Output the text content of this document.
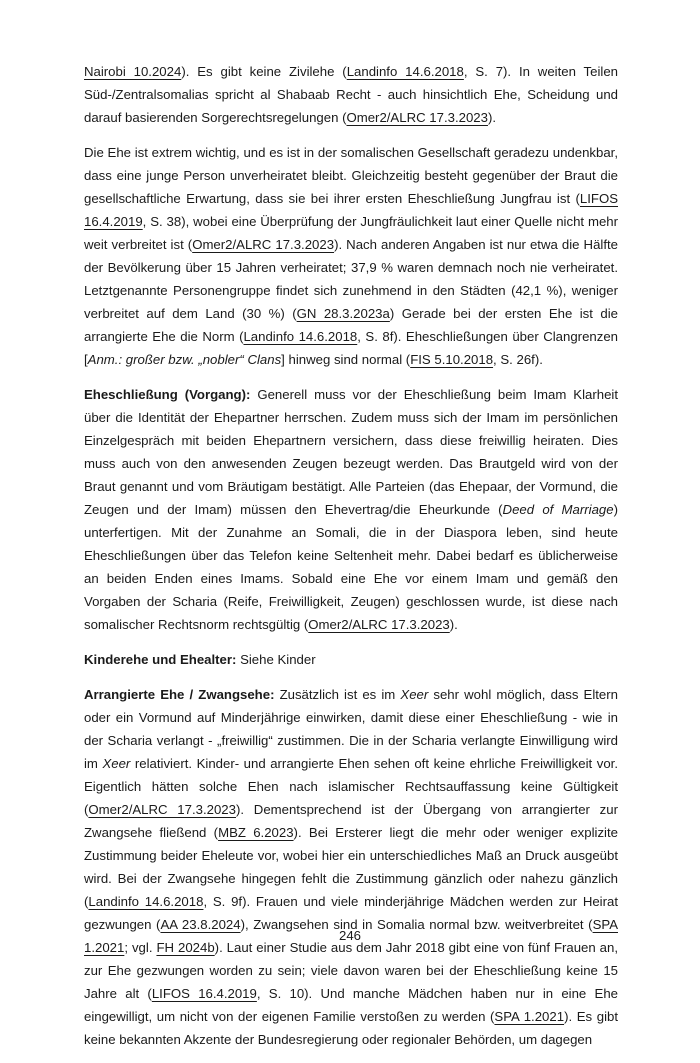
Nairobi 10.2024). Es gibt keine Zivilehe (Landinfo 14.6.2018, S. 7). In weiten Teilen Süd-/Zentralsomalias spricht al Shabaab Recht - auch hinsichtlich Ehe, Scheidung und darauf basierenden Sorgerechtsregelungen (Omer2/ALRC 17.3.2023).

Die Ehe ist extrem wichtig, und es ist in der somalischen Gesellschaft geradezu undenkbar, dass eine junge Person unverheiratet bleibt. Gleichzeitig besteht gegenüber der Braut die gesellschaftliche Erwartung, dass sie bei ihrer ersten Eheschließung Jungfrau ist (LIFOS 16.4.2019, S. 38), wobei eine Überprüfung der Jungfräulichkeit laut einer Quelle nicht mehr weit verbreitet ist (Omer2/ALRC 17.3.2023). Nach anderen Angaben ist nur etwa die Hälfte der Bevölkerung über 15 Jahren verheiratet; 37,9 % waren demnach noch nie verheiratet. Letztgenannte Personengruppe findet sich zunehmend in den Städten (42,1 %), weniger verbreitet auf dem Land (30 %) (GN 28.3.2023a) Gerade bei der ersten Ehe ist die arrangierte Ehe die Norm (Landinfo 14.6.2018, S. 8f). Eheschließungen über Clangrenzen [Anm.: großer bzw. „nobler“ Clans] hinweg sind normal (FIS 5.10.2018, S. 26f).

Eheschließung (Vorgang): Generell muss vor der Eheschließung beim Imam Klarheit über die Identität der Ehepartner herrschen. Zudem muss sich der Imam im persönlichen Einzelgespräch mit beiden Ehepartnern versichern, dass diese freiwillig heiraten. Dies muss auch von den anwesenden Zeugen bezeugt werden. Das Brautgeld wird von der Braut genannt und vom Bräutigam bestätigt. Alle Parteien (das Ehepaar, der Vormund, die Zeugen und der Imam) müssen den Ehevertrag/die Eheurkunde (Deed of Marriage) unterfertigen. Mit der Zunahme an Somali, die in der Diaspora leben, sind heute Eheschließungen über das Telefon keine Seltenheit mehr. Dabei bedarf es üblicherweise an beiden Enden eines Imams. Sobald eine Ehe vor einem Imam und gemäß den Vorgaben der Scharia (Reife, Freiwilligkeit, Zeugen) geschlossen wurde, ist diese nach somalischer Rechtsnorm rechtsgültig (Omer2/ALRC 17.3.2023).

Kinderehe und Ehealter: Siehe Kinder

Arrangierte Ehe / Zwangsehe: Zusätzlich ist es im Xeer sehr wohl möglich, dass Eltern oder ein Vormund auf Minderjährige einwirken, damit diese einer Eheschließung - wie in der Scharia verlangt - „freiwillig“ zustimmen. Die in der Scharia verlangte Einwilligung wird im Xeer relativiert. Kinder- und arrangierte Ehen sehen oft keine ehrliche Freiwilligkeit vor. Eigentlich hätten solche Ehen nach islamischer Rechtsauffassung keine Gültigkeit (Omer2/ALRC 17.3.2023). Dementsprechend ist der Übergang von arrangierter zur Zwangsehe fließend (MBZ 6.2023). Bei Ersterer liegt die mehr oder weniger explizite Zustimmung beider Eheleute vor, wobei hier ein unterschiedliches Maß an Druck ausgeübt wird. Bei der Zwangsehe hingegen fehlt die Zustimmung gänzlich oder nahezu gänzlich (Landinfo 14.6.2018, S. 9f). Frauen und viele minderjährige Mädchen werden zur Heirat gezwungen (AA 23.8.2024), Zwangsehen sind in Somalia normal bzw. weitverbreitet (SPA 1.2021; vgl. FH 2024b). Laut einer Studie aus dem Jahr 2018 gibt eine von fünf Frauen an, zur Ehe gezwungen worden zu sein; viele davon waren bei der Eheschließung keine 15 Jahre alt (LIFOS 16.4.2019, S. 10). Und manche Mädchen haben nur in eine Ehe eingewilligt, um nicht von der eigenen Familie verstoßen zu werden (SPA 1.2021). Es gibt keine bekannten Akzente der Bundesregierung oder regionaler Behörden, um dagegen

246
